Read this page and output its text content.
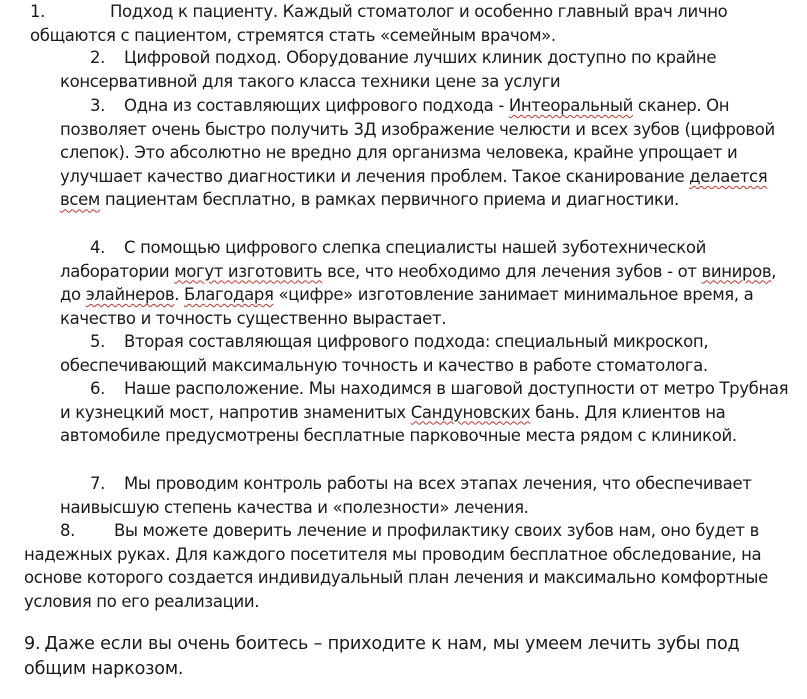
1.	Подход к пациенту. Каждый стоматолог и особенно главный врач лично общаются с пациентом, стремятся стать «семейным врачом».

2. Цифровой подход. Оборудование лучших клиник доступно по крайне консервативной для такого класса техники цене за услуги

3. Одна из составляющих цифрового подхода - Интеоральный сканер. Он позволяет очень быстро получить 3Д изображение челюсти и всех зубов (цифровой слепок). Это абсолютно не вредно для организма человека, крайне упрощает и улучшает качество диагностики и лечения проблем. Такое сканирование делается всем пациентам бесплатно, в рамках первичного приема и диагностики.

4. С помощью цифрового слепка специалисты нашей зуботехнической лаборатории могут изготовить все, что необходимо для лечения зубов - от виниров, до элайнеров. Благодаря «цифре» изготовление занимает минимальное время, а качество и точность существенно вырастает.

5. Вторая составляющая цифрового подхода: специальный микроскоп, обеспечивающий максимальную точность и качество в работе стоматолога.

6. Наше расположение. Мы находимся в шаговой доступности от метро Трубная и кузнецкий мост, напротив знаменитых Сандуновских бань. Для клиентов на автомобиле предусмотрены бесплатные парковочные места рядом с клиникой.

7. Мы проводим контроль работы на всех этапах лечения, что обеспечивает наивысшую степень качества и «полезности» лечения.

8. Вы можете доверить лечение и профилактику своих зубов нам, оно будет в надежных руках. Для каждого посетителя мы проводим бесплатное обследование, на основе которого создается индивидуальный план лечения и максимально комфортные условия по его реализации.

9. Даже если вы очень боитесь – приходите к нам, мы умеем лечить зубы под общим наркозом.
